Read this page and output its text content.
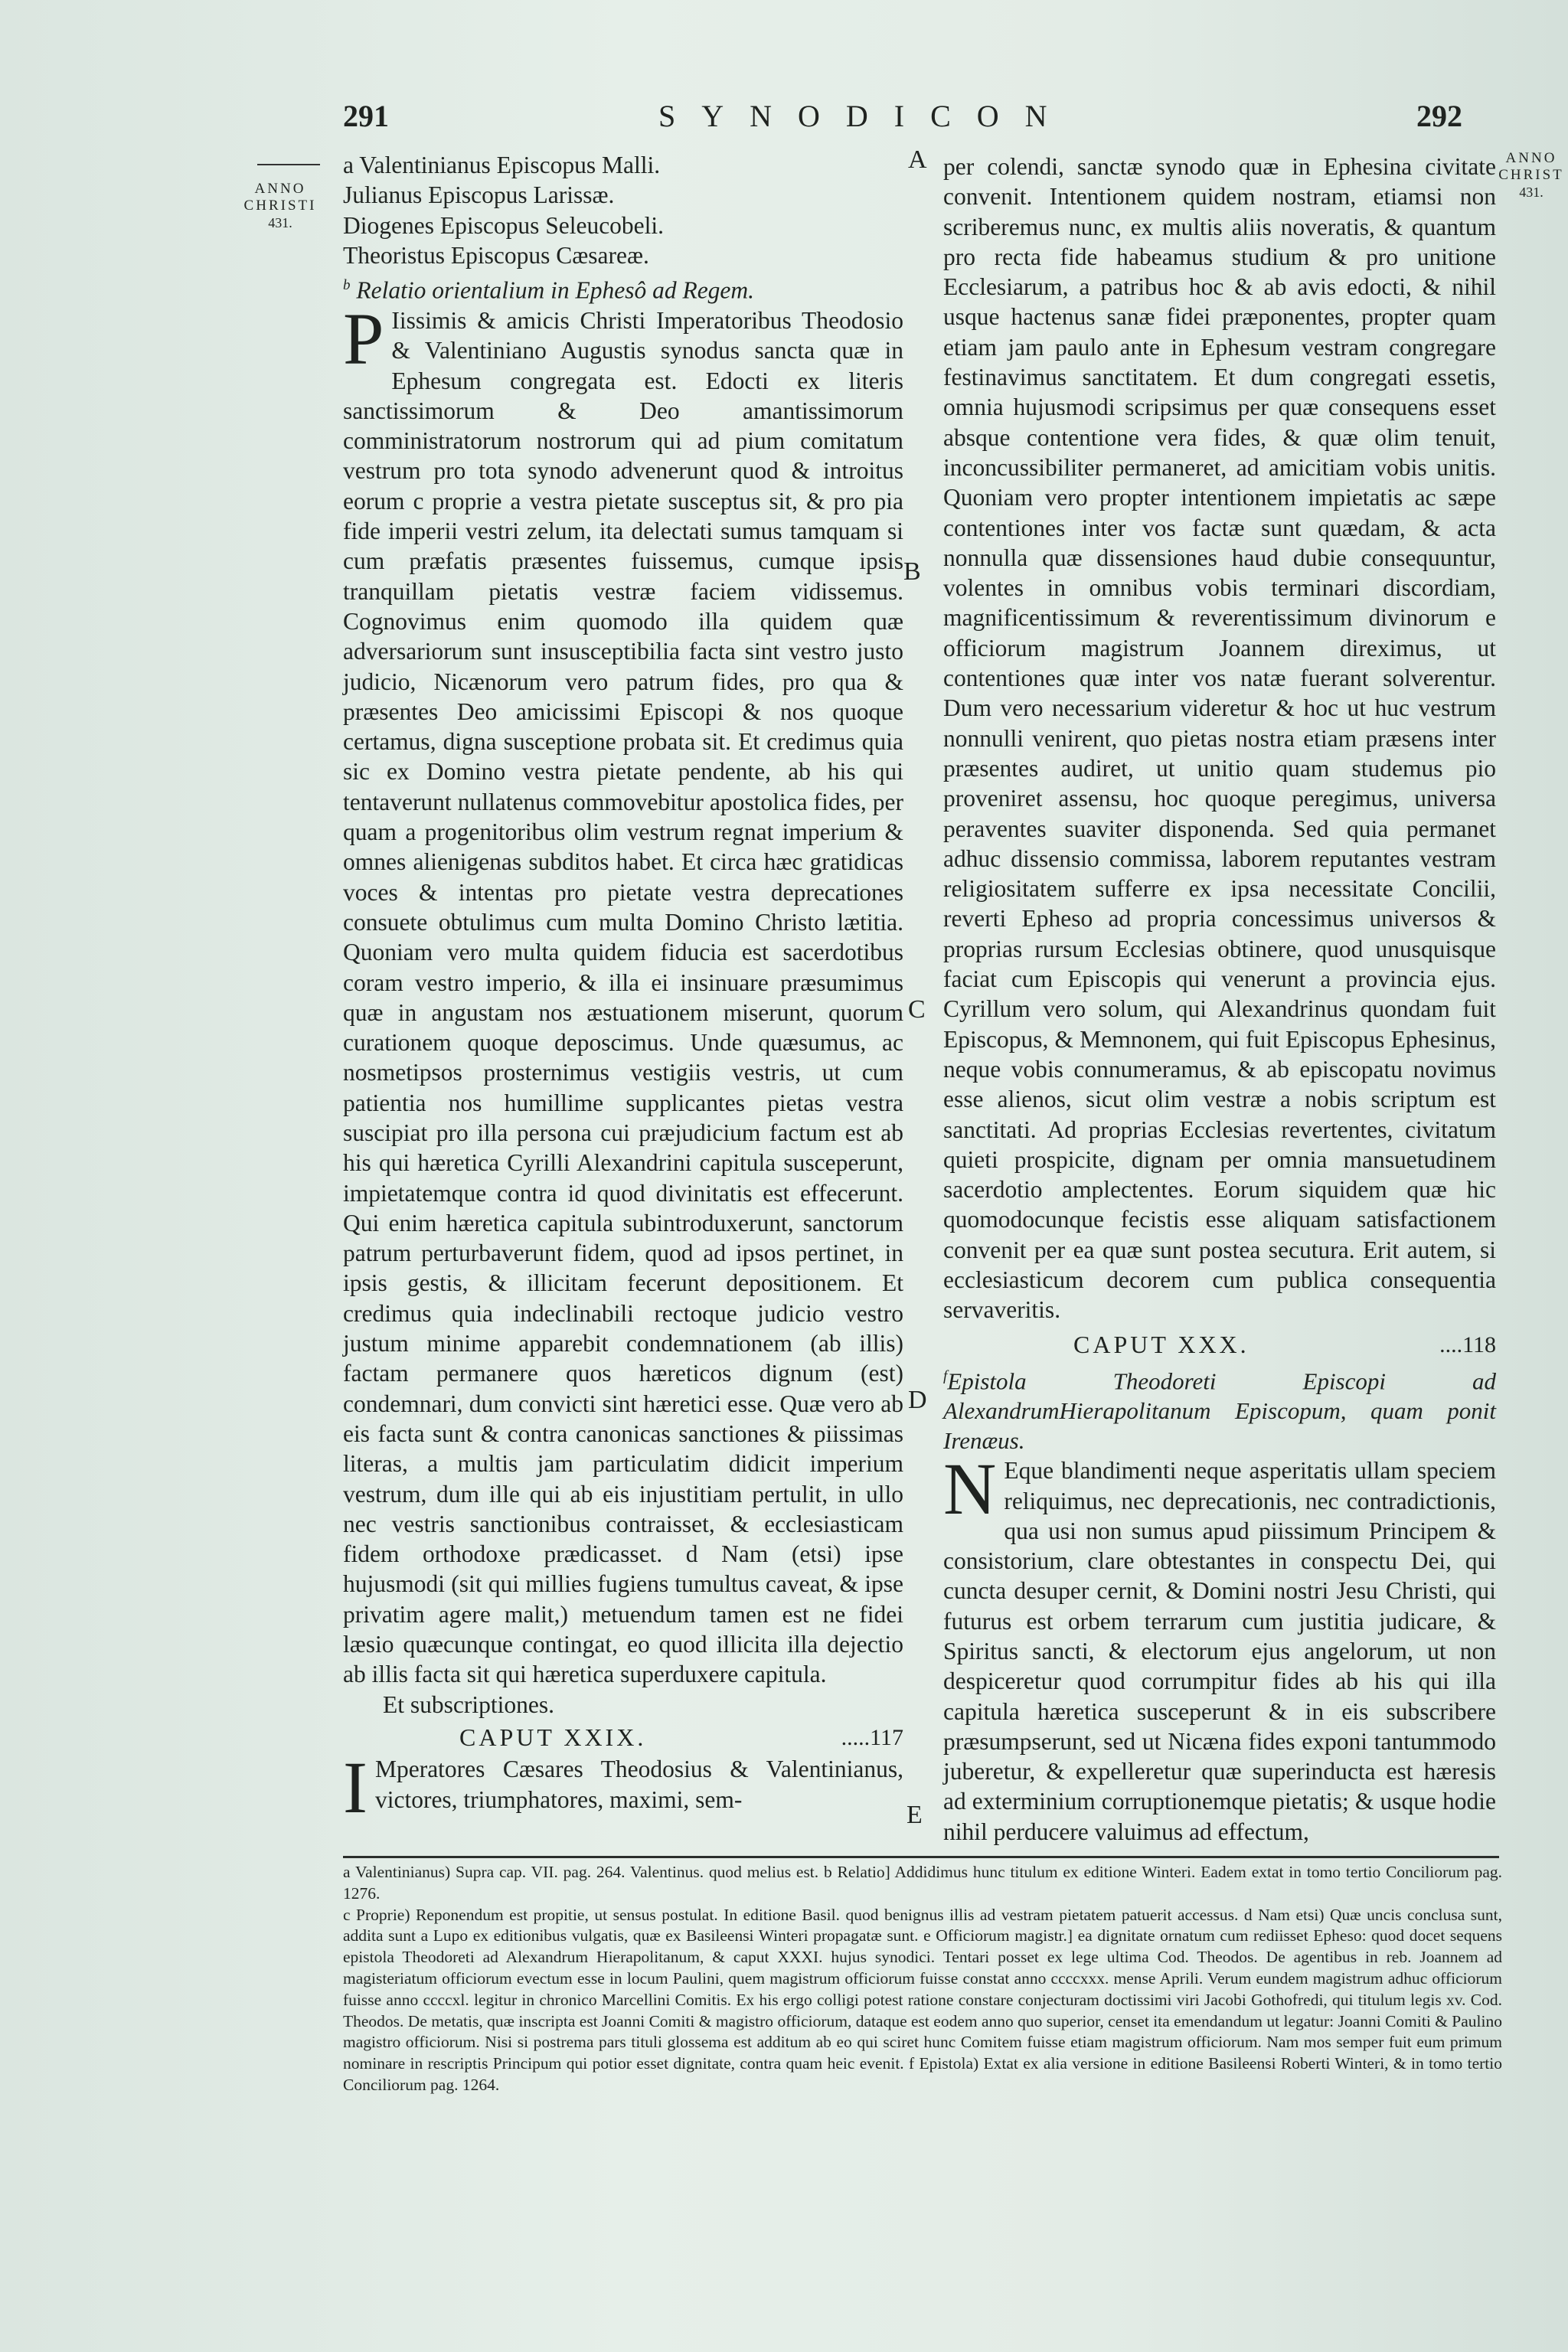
291	SYNODICON	292
ANNO
CHRISTI
431.
ANNO
CHRIST
431.
A
B
C
D
E

a Valentinianus Episcopus Malli.

Julianus Episcopus Larissæ.

Diogenes Episcopus Seleucobeli.

Theoristus Episcopus Cæsareæ.

$^b$ Relatio orientalium in Ephesô ad Regem.

P Iissimis & amicis Christi Imperatoribus Theodosio & Valentiniano Augustis synodus sancta quæ in Ephesum congregata est. Edocti ex literis sanctissimorum & Deo amantissimorum comministratorum nostrorum qui ad pium comitatum vestrum pro tota synodo advenerunt quod & introitus eorum c proprie a vestra pietate susceptus sit, & pro pia fide imperii vestri zelum, ita delectati sumus tamquam si cum præfatis præsentes fuissemus, cumque ipsis tranquillam pietatis vestræ faciem vidissemus. Cognovimus enim quomodo illa quidem quæ adversariorum sunt insusceptibilia facta sint vestro justo judicio, Nicænorum vero patrum fides, pro qua & præsentes Deo amicissimi Episcopi & nos quoque certamus, digna susceptione probata sit. Et credimus quia sic ex Domino vestra pietate pendente, ab his qui tentaverunt nullatenus commovebitur apostolica fides, per quam a progenitoribus olim vestrum regnat imperium & omnes alienigenas subditos habet. Et circa hæc gratidicas voces & intentas pro pietate vestra deprecationes consuete obtulimus cum multa Domino Christo lætitia. Quoniam vero multa quidem fiducia est sacerdotibus coram vestro imperio, & illa ei insinuare præsumimus quæ in angustam nos æstuationem miserunt, quorum curationem quoque deposcimus. Unde quæsumus, ac nosmetipsos prosternimus vestigiis vestris, ut cum patientia nos humillime supplicantes pietas vestra suscipiat pro illa persona cui præjudicium factum est ab his qui hæretica Cyrilli Alexandrini capitula susceperunt, impietatemque contra id quod divinitatis est effecerunt. Qui enim hæretica capitula subintroduxerunt, sanctorum patrum perturbaverunt fidem, quod ad ipsos pertinet, in ipsis gestis, & illicitam fecerunt depositionem. Et credimus quia indeclinabili rectoque judicio vestro justum minime apparebit condemnationem (ab illis) factam permanere quos hæreticos dignum (est) condemnari, dum convicti sint hæretici esse. Quæ vero ab eis facta sunt & contra canonicas sanctiones & piissimas literas, a multis jam particulatim didicit imperium vestrum, dum ille qui ab eis injustitiam pertulit, in ullo nec vestris sanctionibus contraisset, & ecclesiasticam fidem orthodoxe prædicasset. d Nam (etsi) ipse hujusmodi (sit qui millies fugiens tumultus caveat, & ipse privatim agere malit,) metuendum tamen est ne fidei læsio quæcunque contingat, eo quod illicita illa dejectio ab illis facta sit qui hæretica superduxere capitula.

Et subscriptiones.

CAPUT XXIX.	.....117

I Mperatores Cæsares Theodosius & Valentinianus, victores, triumphatores, maximi, sem-

per colendi, sanctæ synodo quæ in Ephesina civitate convenit. Intentionem quidem nostram, etiamsi non scriberemus nunc, ex multis aliis noveratis, & quantum pro recta fide habeamus studium & pro unitione Ecclesiarum, a patribus hoc & ab avis edocti, & nihil usque hactenus sanæ fidei præponentes, propter quam etiam jam paulo ante in Ephesum vestram congregare festinavimus sanctitatem. Et dum congregati essetis, omnia hujusmodi scripsimus per quæ consequens esset absque contentione vera fides, & quæ olim tenuit, inconcussibiliter permaneret, ad amicitiam vobis unitis. Quoniam vero propter intentionem impietatis ac sæpe contentiones inter vos factæ sunt quædam, & acta nonnulla quæ dissensiones haud dubie consequuntur, volentes in omnibus vobis terminari discordiam, magnificentissimum & reverentissimum divinorum e officiorum magistrum Joannem direximus, ut contentiones quæ inter vos natæ fuerant solverentur. Dum vero necessarium videretur & hoc ut huc vestrum nonnulli venirent, quo pietas nostra etiam præsens inter præsentes audiret, ut unitio quam studemus pio proveniret assensu, hoc quoque peregimus, universa peraventes suaviter disponenda. Sed quia permanet adhuc dissensio commissa, laborem reputantes vestram religiositatem sufferre ex ipsa necessitate Concilii, reverti Epheso ad propria concessimus universos & proprias rursum Ecclesias obtinere, quod unusquisque faciat cum Episcopis qui venerunt a provincia ejus. Cyrillum vero solum, qui Alexandrinus quondam fuit Episcopus, & Memnonem, qui fuit Episcopus Ephesinus, neque vobis connumeramus, & ab episcopatu novimus esse alienos, sicut olim vestræ a nobis scriptum est sanctitati. Ad proprias Ecclesias revertentes, civitatum quieti prospicite, dignam per omnia mansuetudinem sacerdotio amplectentes. Eorum siquidem quæ hic quomodocunque fecistis esse aliquam satisfactionem convenit per ea quæ sunt postea secutura. Erit autem, si ecclesiasticum decorem cum publica consequentia servaveritis.

CAPUT XXX.	....118

$^f$Epistola Theodoreti Episcopi ad AlexandrumHierapolitanum Episcopum, quam ponit Irenæus.

N Eque blandimenti neque asperitatis ullam speciem reliquimus, nec deprecationis, nec contradictionis, qua usi non sumus apud piissimum Principem & consistorium, clare obtestantes in conspectu Dei, qui cuncta desuper cernit, & Domini nostri Jesu Christi, qui futurus est orbem terrarum cum justitia judicare, & Spiritus sancti, & electorum ejus angelorum, ut non despiceretur quod corrumpitur fides ab his qui illa capitula hæretica susceperunt & in eis subscribere præsumpserunt, sed ut Nicæna fides exponi tantummodo juberetur, & expelleretur quæ superinducta est hæresis ad exterminium corruptionemque pietatis; & usque hodie nihil perducere valuimus ad effectum,

a Valentinianus) Supra cap. VII. pag. 264. Valentinus. quod melius est. b Relatio] Addidimus hunc titulum ex editione Winteri. Eadem extat in tomo tertio Conciliorum pag. 1276.

c Proprie) Reponendum est propitie, ut sensus postulat. In editione Basil. quod benignus illis ad vestram pietatem patuerit accessus. d Nam etsi) Quæ uncis conclusa sunt, addita sunt a Lupo ex editionibus vulgatis, quæ ex Basileensi Winteri propagatæ sunt. e Officiorum magistr.] ea dignitate ornatum cum rediisset Epheso: quod docet sequens epistola Theodoreti ad Alexandrum Hierapolitanum, & caput XXXI. hujus synodici. Tentari posset ex lege ultima Cod. Theodos. De agentibus in reb. Joannem ad magisteriatum officiorum evectum esse in locum Paulini, quem magistrum officiorum fuisse constat anno ccccxxx. mense Aprili. Verum eundem magistrum adhuc officiorum fuisse anno ccccxl. legitur in chronico Marcellini Comitis. Ex his ergo colligi potest ratione constare conjecturam doctissimi viri Jacobi Gothofredi, qui titulum legis xv. Cod. Theodos. De metatis, quæ inscripta est Joanni Comiti & magistro officiorum, dataque est eodem anno quo superior, censet ita emendandum ut legatur: Joanni Comiti & Paulino magistro officiorum. Nisi si postrema pars tituli glossema est additum ab eo qui sciret hunc Comitem fuisse etiam magistrum officiorum. Nam mos semper fuit eum primum nominare in rescriptis Principum qui potior esset dignitate, contra quam heic evenit. f Epistola) Extat ex alia versione in editione Basileensi Roberti Winteri, & in tomo tertio Conciliorum pag. 1264.
